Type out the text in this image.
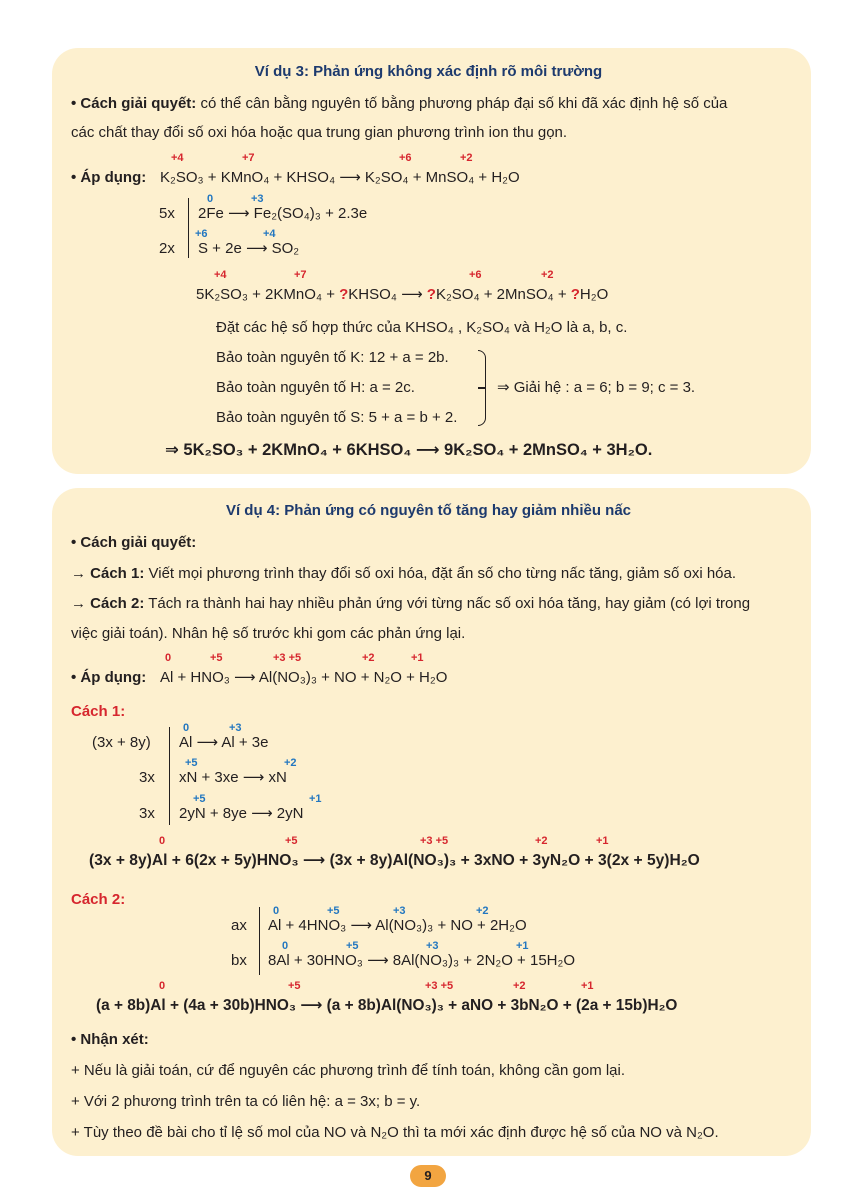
Ví dụ 3: Phản ứng không xác định rõ môi trường
• Cách giải quyết: có thể cân bằng nguyên tố bằng phương pháp đại số khi đã xác định hệ số của
các chất thay đổi số oxi hóa hoặc qua trung gian phương trình ion thu gọn.
• Áp dụng: K₂SO₃ + KMnO₄ + KHSO₄ ⟶ K₂SO₄ + MnSO₄ + H₂O
+4	+7	+6	+2
5x 2Fe ⟶ Fe₂(SO₄)₃ + 2.3e
0	+3
2x S + 2e ⟶ SO₂
+6	+4
5K₂SO₃ + 2KMnO₄ + ?KHSO₄ ⟶ ?K₂SO₄ + 2MnSO₄ + ?H₂O
+4	+7	+6	+2
Đặt các hệ số hợp thức của KHSO₄ , K₂SO₄ và H₂O là a, b, c.
Bảo toàn nguyên tố K: 12 + a = 2b.
Bảo toàn nguyên tố H: a = 2c.
Bảo toàn nguyên tố S: 5 + a = b + 2.
⇒ Giải hệ : a = 6; b = 9; c = 3.
⇒ 5K₂SO₃ + 2KMnO₄ + 6KHSO₄ ⟶ 9K₂SO₄ + 2MnSO₄ + 3H₂O.
Ví dụ 4: Phản ứng có nguyên tố tăng hay giảm nhiều nấc
• Cách giải quyết:
→ Cách 1: Viết mọi phương trình thay đổi số oxi hóa, đặt ẩn số cho từng nấc tăng, giảm số oxi hóa.
→ Cách 2: Tách ra thành hai hay nhiều phản ứng với từng nấc số oxi hóa tăng, hay giảm (có lợi trong
việc giải toán). Nhân hệ số trước khi gom các phản ứng lại.
• Áp dụng: Al + HNO₃ ⟶ Al(NO₃)₃ + NO + N₂O + H₂O
0	+5	+3 +5	+2	+1
Cách 1:
(3x + 8y) Al ⟶ Al + 3e
0	+3
3x xN + 3xe ⟶ xN
+5	+2
3x 2yN + 8ye ⟶ 2yN
+5	+1
(3x + 8y)Al + 6(2x + 5y)HNO₃ ⟶ (3x + 8y)Al(NO₃)₃ + 3xNO + 3yN₂O + 3(2x + 5y)H₂O
0	+5	+3 +5	+2	+1
Cách 2:
ax Al + 4HNO₃ ⟶ Al(NO₃)₃ + NO + 2H₂O
0	+5	+3	+2
bx 8Al + 30HNO₃ ⟶ 8Al(NO₃)₃ + 2N₂O + 15H₂O
0	+5	+3	+1
(a + 8b)Al + (4a + 30b)HNO₃ ⟶ (a + 8b)Al(NO₃)₃ + aNO + 3bN₂O + (2a + 15b)H₂O
0	+5	+3 +5	+2	+1
• Nhận xét:
+ Nếu là giải toán, cứ để nguyên các phương trình để tính toán, không cần gom lại.
+ Với 2 phương trình trên ta có liên hệ: a = 3x; b = y.
+ Tùy theo đề bài cho tỉ lệ số mol của NO và N₂O thì ta mới xác định được hệ số của NO và N₂O.
9
